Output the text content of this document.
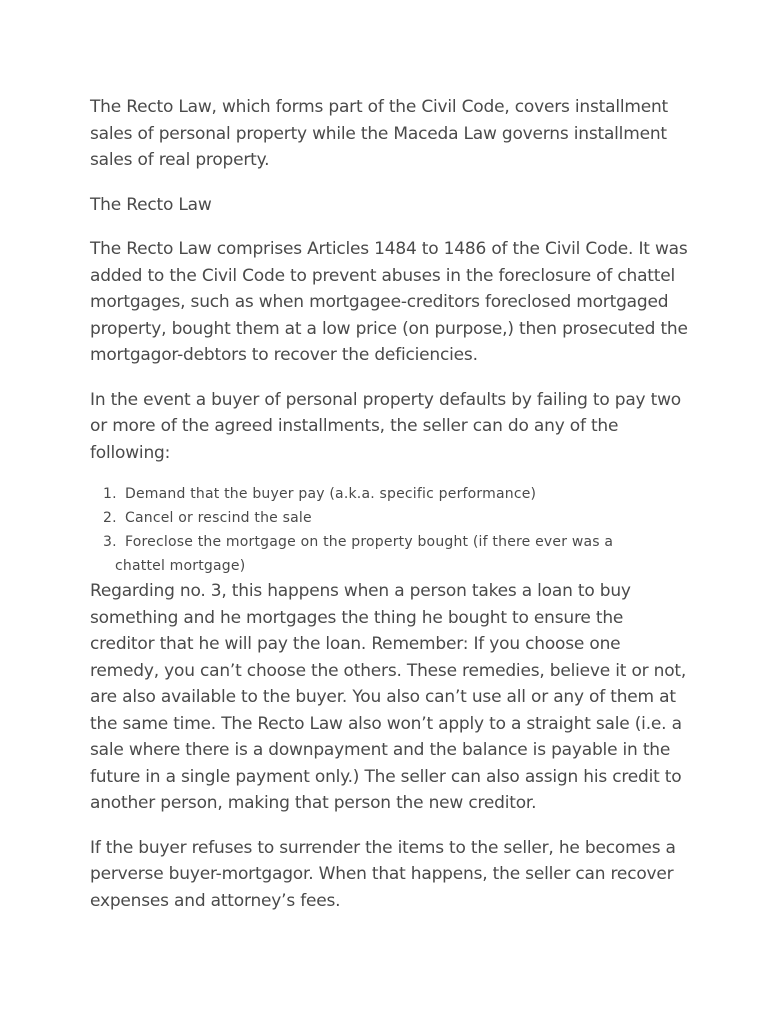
The Recto Law, which forms part of the Civil Code, covers installment sales of personal property while the Maceda Law governs installment sales of real property.

The Recto Law

The Recto Law comprises Articles 1484 to 1486 of the Civil Code. It was added to the Civil Code to prevent abuses in the foreclosure of chattel mortgages, such as when mortgagee-creditors foreclosed mortgaged property, bought them at a low price (on purpose,) then prosecuted the mortgagor-debtors to recover the deficiencies.

In the event a buyer of personal property defaults by failing to pay two or more of the agreed installments, the seller can do any of the following:

1. Demand that the buyer pay (a.k.a. specific performance)
2. Cancel or rescind the sale
3. Foreclose the mortgage on the property bought (if there ever was a
chattel mortgage)

Regarding no. 3, this happens when a person takes a loan to buy something and he mortgages the thing he bought to ensure the creditor that he will pay the loan. Remember: If you choose one remedy, you can’t choose the others. These remedies, believe it or not, are also available to the buyer. You also can’t use all or any of them at the same time. The Recto Law also won’t apply to a straight sale (i.e. a sale where there is a downpayment and the balance is payable in the future in a single payment only.) The seller can also assign his credit to another person, making that person the new creditor.

If the buyer refuses to surrender the items to the seller, he becomes a perverse buyer-mortgagor. When that happens, the seller can recover expenses and attorney’s fees.
